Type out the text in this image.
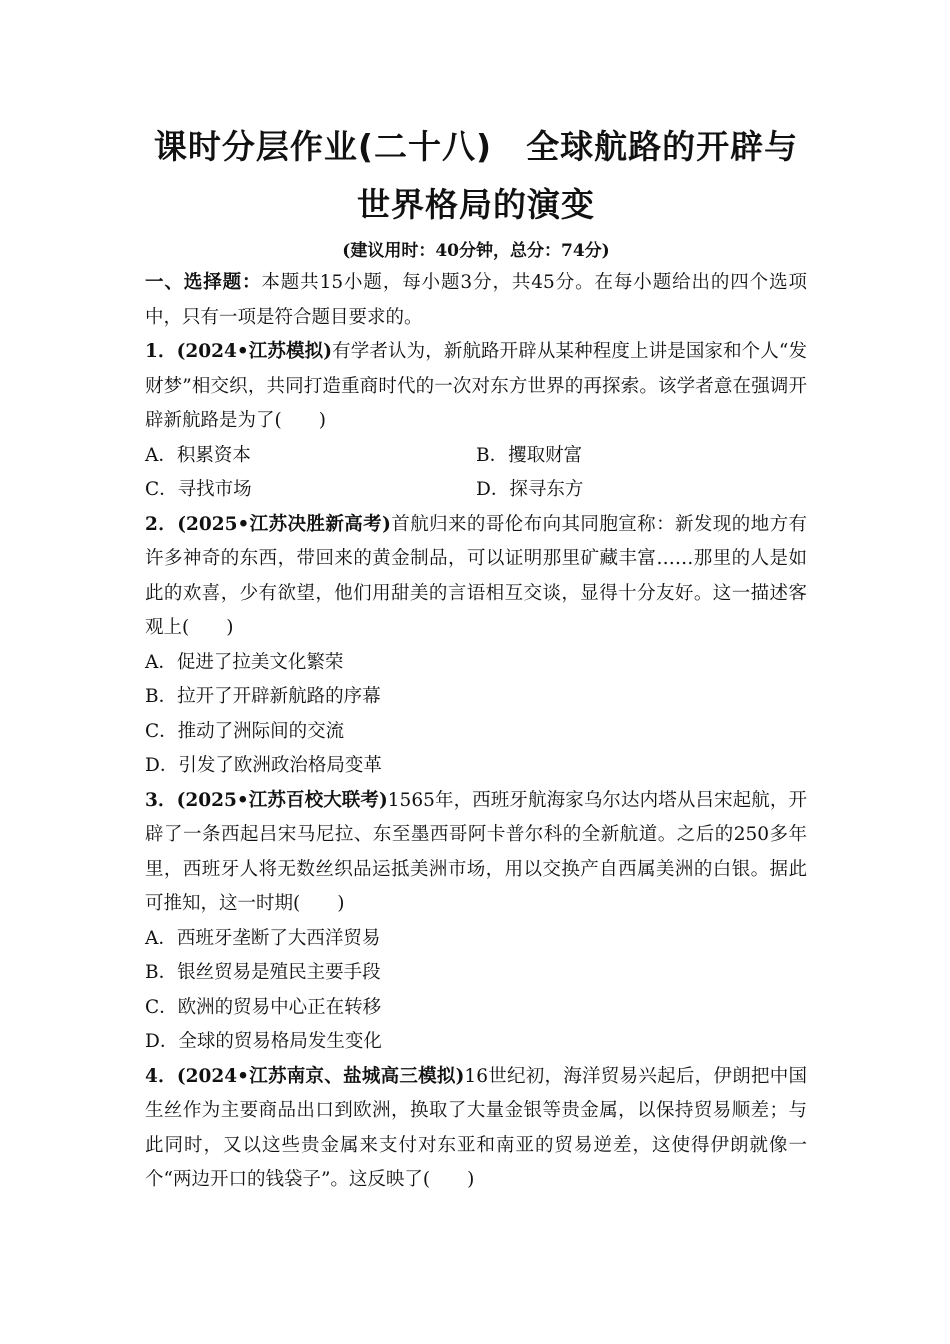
课时分层作业(二十八) 全球航路的开辟与
世界格局的演变
(建议用时：40分钟，总分：74分)

一、选择题：本题共15小题，每小题3分，共45分。在每小题给出的四个选项中，只有一项是符合题目要求的。

1．(2024•江苏模拟)有学者认为，新航路开辟从某种程度上讲是国家和个人“发财梦”相交织，共同打造重商时代的一次对东方世界的再探索。该学者意在强调开辟新航路是为了(　　)

A．积累资本	B．攫取财富
C．寻找市场	D．探寻东方

2．(2025•江苏决胜新高考)首航归来的哥伦布向其同胞宣称：新发现的地方有许多神奇的东西，带回来的黄金制品，可以证明那里矿藏丰富……那里的人是如此的欢喜，少有欲望，他们用甜美的言语相互交谈，显得十分友好。这一描述客观上(　　)

A．促进了拉美文化繁荣

B．拉开了开辟新航路的序幕

C．推动了洲际间的交流

D．引发了欧洲政治格局变革

3．(2025•江苏百校大联考)1565年，西班牙航海家乌尔达内塔从吕宋起航，开辟了一条西起吕宋马尼拉、东至墨西哥阿卡普尔科的全新航道。之后的250多年里，西班牙人将无数丝织品运抵美洲市场，用以交换产自西属美洲的白银。据此可推知，这一时期(　　)

A．西班牙垄断了大西洋贸易

B．银丝贸易是殖民主要手段

C．欧洲的贸易中心正在转移

D．全球的贸易格局发生变化

4．(2024•江苏南京、盐城高三模拟)16世纪初，海洋贸易兴起后，伊朗把中国生丝作为主要商品出口到欧洲，换取了大量金银等贵金属，以保持贸易顺差；与此同时，又以这些贵金属来支付对东亚和南亚的贸易逆差，这使得伊朗就像一个“两边开口的钱袋子”。这反映了(　　)
